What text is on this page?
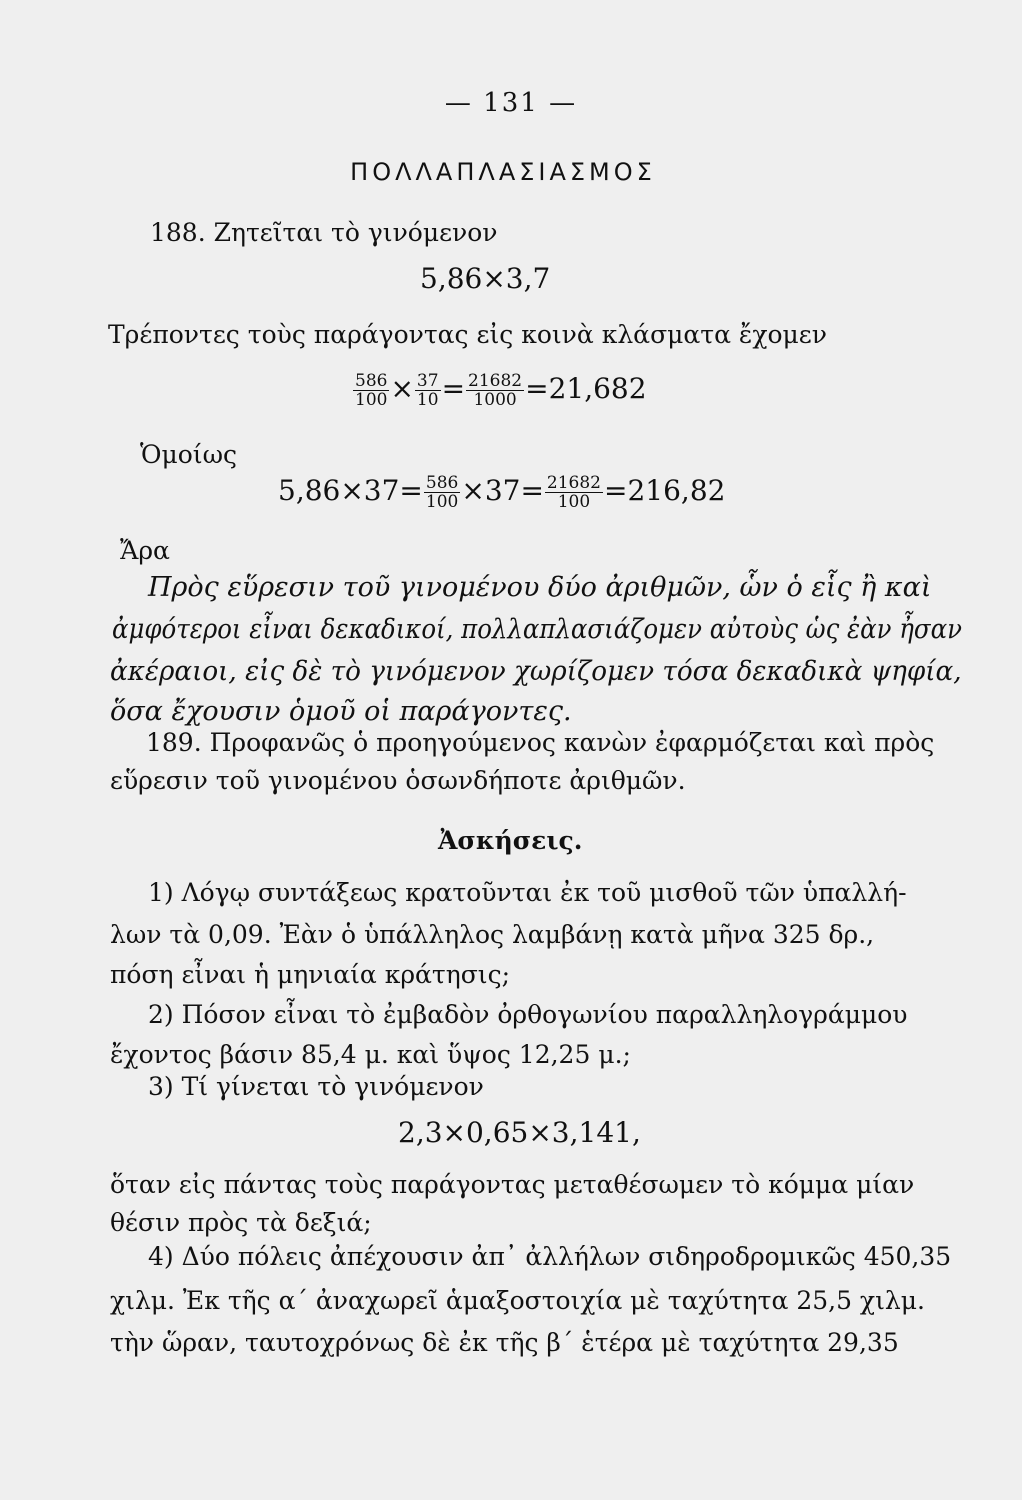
— 131 —
ΠΟΛΛΑΠΛΑΣΙΑΣΜΟΣ
188. Ζητεῖται τὸ γινόμενον
5,86×3,7
Τρέποντες τοὺς παράγοντας εἰς κοινὰ κλάσματα ἔχομεν
$\frac{586}{100} \times \frac{37}{10} = \frac{21682}{1000} =21,682$
Ὁμοίως
$5,86\times 37= \frac{586}{100} \times 37= \frac{21682}{100} =216,82$
Ἄρα
Πρὸς εὕρεσιν τοῦ γινομένου δύο ἀριθμῶν, ὧν ὁ εἷς ἢ καὶ
ἀμφότεροι εἶναι δεκαδικοί, πολλαπλασιάζομεν αὐτοὺς ὡς ἐὰν ἦσαν
ἀκέραιοι, εἰς δὲ τὸ γινόμενον χωρίζομεν τόσα δεκαδικὰ ψηφία,
ὅσα ἔχουσιν ὁμοῦ οἱ παράγοντες.
189. Προφανῶς ὁ προηγούμενος κανὼν ἐφαρμόζεται καὶ πρὸς
εὕρεσιν τοῦ γινομένου ὁσωνδήποτε ἀριθμῶν.
Ἀσκήσεις.
1) Λόγῳ συντάξεως κρατοῦνται ἐκ τοῦ μισθοῦ τῶν ὑπαλλή-
λων τὰ 0,09. Ἐὰν ὁ ὑπάλληλος λαμβάνῃ κατὰ μῆνα 325 δρ.,
πόση εἶναι ἡ μηνιαία κράτησις;
2) Πόσον εἶναι τὸ ἐμβαδὸν ὀρθογωνίου παραλληλογράμμου
ἔχοντος βάσιν 85,4 μ. καὶ ὕψος 12,25 μ.;
3) Τί γίνεται τὸ γινόμενον
2,3×0,65×3,141,
ὅταν εἰς πάντας τοὺς παράγοντας μεταθέσωμεν τὸ κόμμα μίαν
θέσιν πρὸς τὰ δεξιά;
4) Δύο πόλεις ἀπέχουσιν ἀπ᾿ ἀλλήλων σιδηροδρομικῶς 450,35
χιλμ. Ἐκ τῆς α´ ἀναχωρεῖ ἁμαξοστοιχία μὲ ταχύτητα 25,5 χιλμ.
τὴν ὥραν, ταυτοχρόνως δὲ ἐκ τῆς β´ ἑτέρα μὲ ταχύτητα 29,35
